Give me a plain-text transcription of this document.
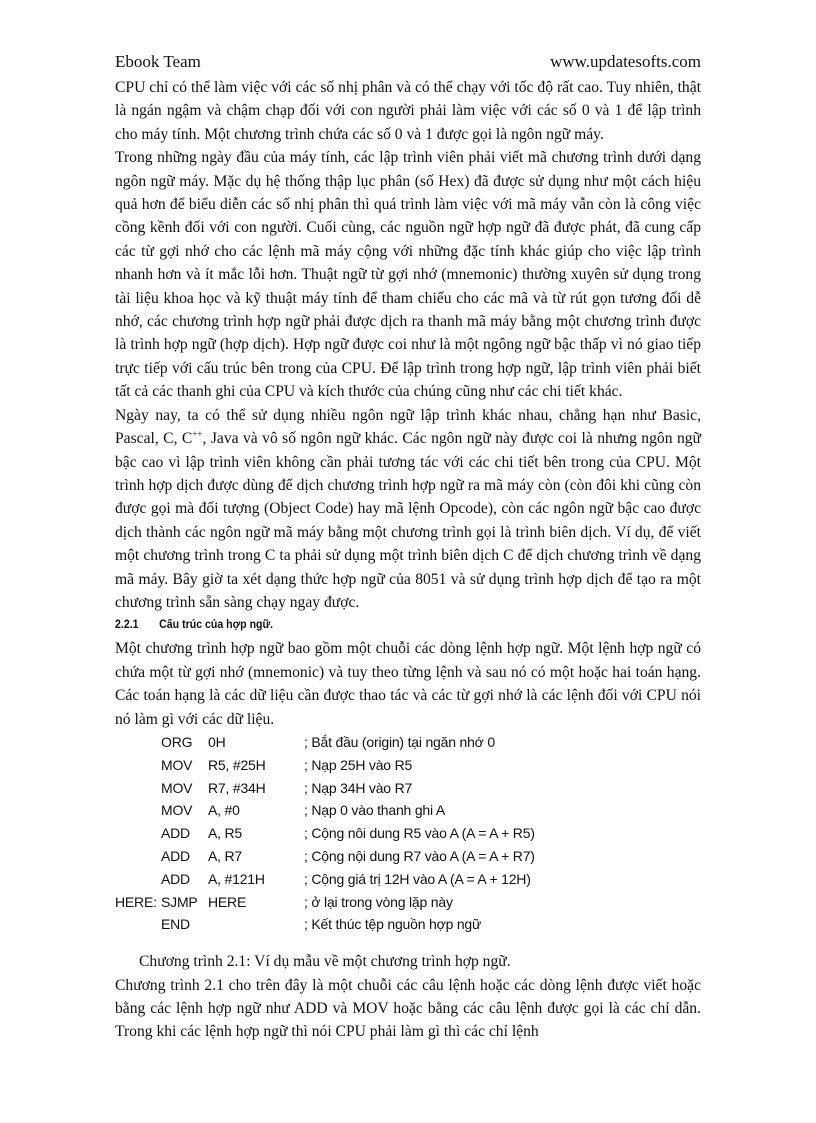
Ebook Team	www.updatesofts.com

CPU chỉ có thể làm việc với các số nhị phân và có thể chạy với tốc độ rất cao. Tuy nhiên, thật là ngán ngậm và chậm chạp đối với con người phải làm việc với các số 0 và 1 để lập trình cho máy tính. Một chương trình chứa các số 0 và 1 được gọi là ngôn ngữ máy.

Trong những ngày đầu của máy tính, các lập trình viên phải viết mã chương trình dưới dạng ngôn ngữ máy. Mặc dụ hệ thống thập lục phân (số Hex) đã được sử dụng như một cách hiệu quả hơn để biểu diễn các số nhị phân thì quá trình làm việc với mã máy vẫn còn là công việc cồng kềnh đối với con người. Cuối cùng, các nguồn ngữ hợp ngữ đã được phát, đã cung cấp các từ gợi nhớ cho các lệnh mã máy cộng với những đặc tính khác giúp cho việc lập trình nhanh hơn và ít mắc lỗi hơn. Thuật ngữ từ gợi nhớ (mnemonic) thường xuyên sử dụng trong tài liệu khoa học và kỹ thuật máy tính để tham chiếu cho các mã và từ rút gọn tương đối dễ nhớ, các chương trình hợp ngữ phải được dịch ra thanh mã máy bằng một chương trình được là trình hợp ngữ (hợp dịch). Hợp ngữ được coi như là một ngông ngữ bậc thấp vì nó giao tiếp trực tiếp với cấu trúc bên trong của CPU. Để lập trình trong hợp ngữ, lập trình viên phải biết tất cả các thanh ghi của CPU và kích thước của chúng cũng như các chi tiết khác.

Ngày nay, ta có thể sử dụng nhiều ngôn ngữ lập trình khác nhau, chẳng hạn như Basic, Pascal, C, C++, Java và vô số ngôn ngữ khác. Các ngôn ngữ này được coi là nhưng ngôn ngữ bậc cao vì lập trình viên không cần phải tương tác với các chi tiết bên trong của CPU. Một trình hợp dịch được dùng để dịch chương trình hợp ngữ ra mã máy còn (còn đôi khi cũng còn được gọi mà đối tượng (Object Code) hay mã lệnh Opcode), còn các ngôn ngữ bậc cao được dịch thành các ngôn ngữ mã máy bằng một chương trình gọi là trình biên dịch. Ví dụ, để viết một chương trình trong C ta phải sử dụng một trình biên dịch C để dịch chương trình về dạng mã máy. Bây giờ ta xét dạng thức hợp ngữ của 8051 và sử dụng trình hợp dịch để tạo ra một chương trình sẵn sàng chạy ngay được.

2.2.1	Cấu trúc của hợp ngữ.

Một chương trình hợp ngữ bao gồm một chuỗi các dòng lệnh hợp ngữ. Một lệnh hợp ngữ có chứa một từ gợi nhớ (mnemonic) và tuy theo từng lệnh và sau nó có một hoặc hai toán hạng. Các toán hạng là các dữ liệu cần được thao tác và các từ gợi nhớ là các lệnh đối với CPU nói nó làm gì với các dữ liệu.

ORG	0H	; Bắt đầu (origin) tại ngăn nhớ 0
MOV	R5, #25H	; Nạp 25H vào R5
MOV	R7, #34H	; Nạp 34H vào R7
MOV	A, #0	; Nạp 0 vào thanh ghi A
ADD	A, R5	; Cộng nôi dung R5 vào A (A = A + R5)
ADD	A, R7	; Cộng nội dung R7 vào A (A = A + R7)
ADD	A, #121H	; Cộng giá trị 12H vào A (A = A + 12H)
HERE: SJMP HERE	; ở lại trong vòng lặp này
END	; Kết thúc tệp nguồn hợp ngữ

Chương trình 2.1: Ví dụ mẫu về một chương trình hợp ngữ.

Chương trình 2.1 cho trên đây là một chuỗi các câu lệnh hoặc các dòng lệnh được viết hoặc bằng các lệnh hợp ngữ như ADD và MOV hoặc bằng các câu lệnh được gọi là các chỉ dẫn. Trong khi các lệnh hợp ngữ thì nói CPU phải làm gì thì các chỉ lệnh
